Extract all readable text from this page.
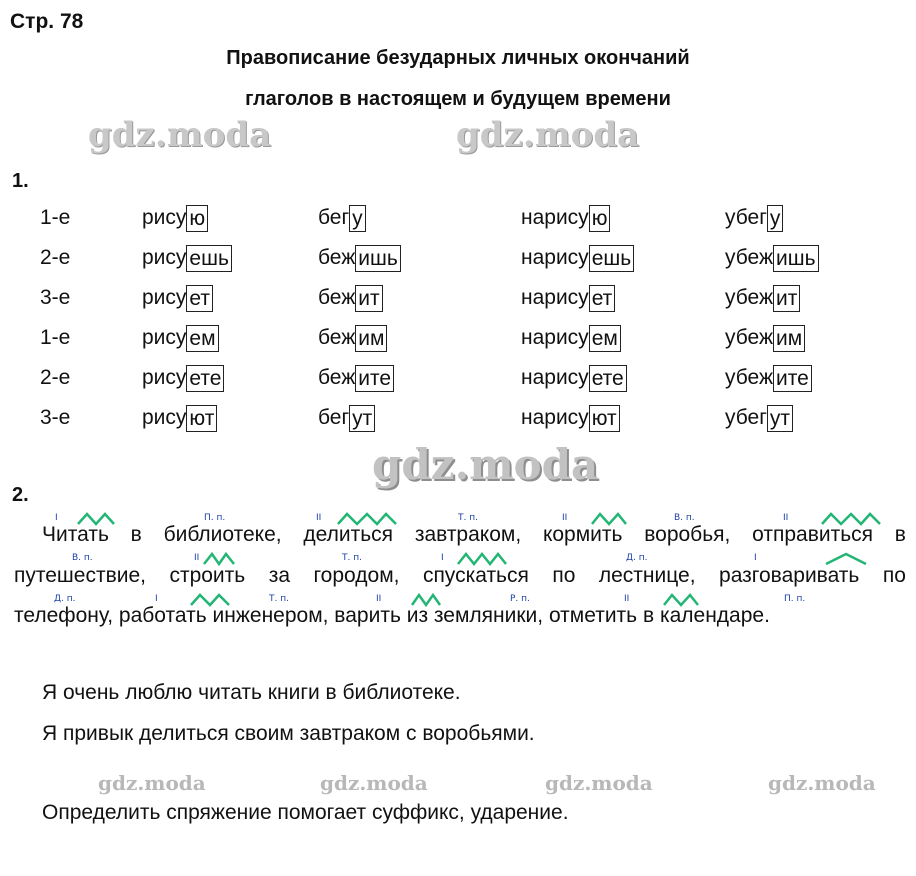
Стр. 78
Правописание безударных личных окончаний
глаголов в настоящем и будущем времени
gdz.moda	gdz.moda
gdz.moda
gdz.moda	gdz.moda	gdz.moda	gdz.moda
1.
1-е	рису ю	бег у	нарису ю	убег у
2-е	рису ешь	беж ишь	нарису ешь	убеж ишь
3-е	рису ет	беж ит	нарису ет	убеж ит
1-е	рису ем	беж им	нарису ем	убеж им
2-е	рису ете	беж ите	нарису ете	убеж ите
3-е	рису ют	бег ут	нарису ют	убег ут
2.
I	П. п.	II	Т. п.	II	В. п.	II
В. п.	II	Т. п.	I	Д. п.	I
Д. п.	I	Т. п.	II	Р. п.	II	П. п.
Читать в библиотеке, делиться завтраком, кормить воробья, отправиться в
путешествие, строить за городом, спускаться по лестнице, разговаривать по
телефону, работать инженером, варить из земляники, отметить в календаре.
Я очень люблю читать книги в библиотеке.
Я привык делиться своим завтраком с воробьями.
Определить спряжение помогает суффикс, ударение.
